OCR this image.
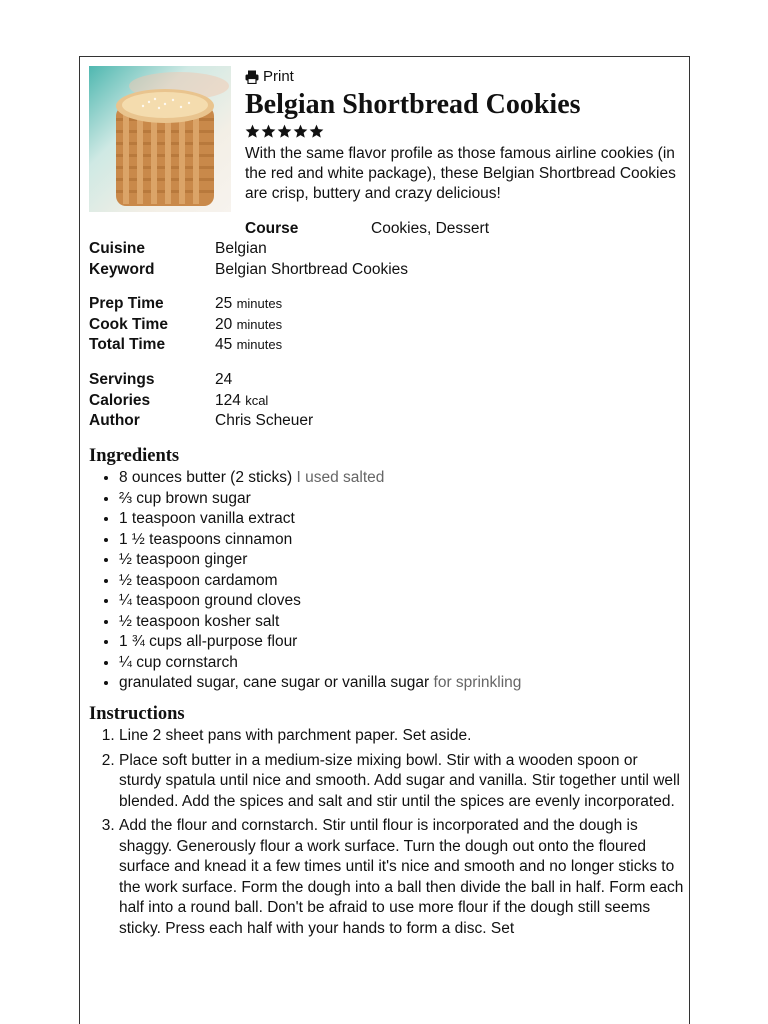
Print
Belgian Shortbread Cookies

With the same flavor profile as those famous airline cookies (in the red and white package), these Belgian Shortbread Cookies are crisp, buttery and crazy delicious!

Course	Cookies, Dessert
Cuisine	Belgian
Keyword	Belgian Shortbread Cookies
Prep Time	25 minutes
Cook Time	20 minutes
Total Time	45 minutes
Servings	24
Calories	124 kcal
Author	Chris Scheuer
Ingredients
• 8 ounces butter (2 sticks) I used salted
• ⅔ cup brown sugar
• 1 teaspoon vanilla extract
• 1 ½ teaspoons cinnamon
• ½ teaspoon ginger
• ½ teaspoon cardamom
• ¼ teaspoon ground cloves
• ½ teaspoon kosher salt
• 1 ¾ cups all-purpose flour
• ¼ cup cornstarch
• granulated sugar, cane sugar or vanilla sugar for sprinkling
Instructions
1. Line 2 sheet pans with parchment paper. Set aside.
2. Place soft butter in a medium-size mixing bowl. Stir with a wooden spoon or sturdy spatula until nice and smooth. Add sugar and vanilla. Stir together until well blended. Add the spices and salt and stir until the spices are evenly incorporated.
3. Add the flour and cornstarch. Stir until flour is incorporated and the dough is shaggy. Generously flour a work surface. Turn the dough out onto the floured surface and knead it a few times until it's nice and smooth and no longer sticks to the work surface. Form the dough into a ball then divide the ball in half. Form each half into a round ball. Don't be afraid to use more flour if the dough still seems sticky. Press each half with your hands to form a disc. Set
